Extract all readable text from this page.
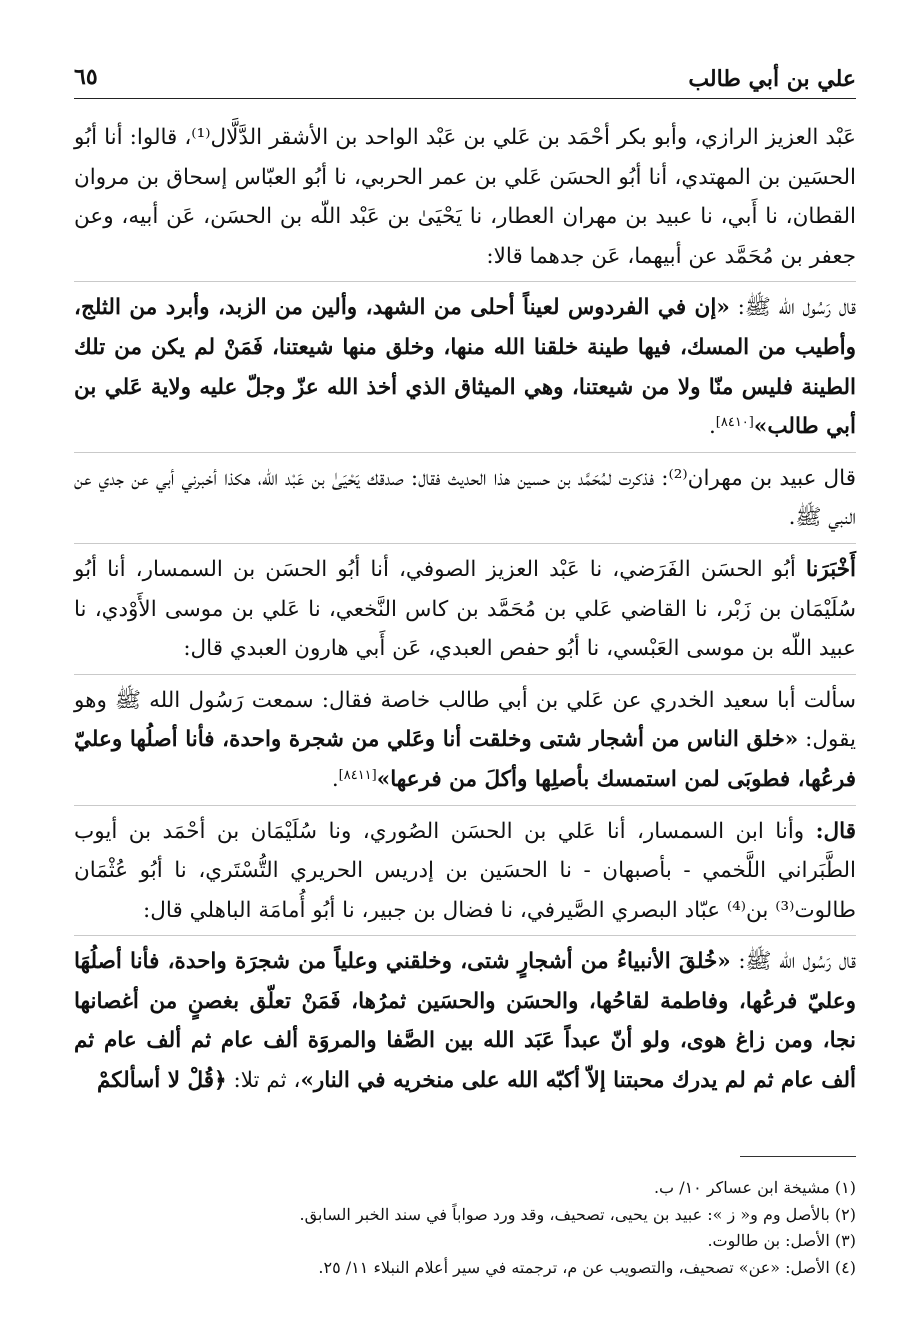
علي بن أبي طالب
٦٥

عَبْد العزيز الرازي، وأبو بكر أحْمَد بن عَلي بن عَبْد الواحد بن الأشقر الدَّلَّال⁽¹⁾، قالوا: أنا أبُو الحسَين بن المهتدي، أنا أبُو الحسَن عَلي بن عمر الحربي، نا أبُو العبّاس إسحاق بن مروان القطان، نا أَبي، نا عبيد بن مهران العطار، نا يَحْيَىٰ بن عَبْد اللّه بن الحسَن، عَن أبيه، وعن جعفر بن مُحَمَّد عن أبيهما، عَن جدهما قالا:

قال رَسُول الله ﷺ: «إن في الفردوس لعيناً أحلى من الشهد، وألين من الزبد، وأبرد من الثلج، وأطيب من المسك، فيها طينة خلقنا الله منها، وخلق منها شيعتنا، فَمَنْ لم يكن من تلك الطينة فليس منّا ولا من شيعتنا، وهي الميثاق الذي أخذ الله عزّ وجلّ عليه ولاية عَلي بن أبي طالب»[٨٤١٠].

قال عبيد بن مهران⁽²⁾: فذكرت لمُحَمَّد بن حسين هذا الحديث فقال: صدقك يَحْيَىٰ بن عَبْد الله، هكذا أخبرني أبي عن جدي عن النبي ﷺ.

أَخْبَرَنا أبُو الحسَن الفَرَضي، نا عَبْد العزيز الصوفي، أنا أبُو الحسَن بن السمسار، أنا أبُو سُلَيْمَان بن زَبْر، نا القاضي عَلي بن مُحَمَّد بن كاس النَّخعي، نا عَلي بن موسى الأَوْدي، نا عبيد اللّه بن موسى العَبْسي، نا أبُو حفص العبدي، عَن أَبي هارون العبدي قال:

سألت أبا سعيد الخدري عن عَلي بن أبي طالب خاصة فقال: سمعت رَسُول الله ﷺ وهو يقول: «خلق الناس من أشجار شتى وخلقت أنا وعَلي من شجرة واحدة، فأنا أصلُها وعليّ فرعُها، فطوبَى لمن استمسك بأصلِها وأكلَ من فرعها»[٨٤١١].

قال: وأنا ابن السمسار، أنا عَلي بن الحسَن الصُوري، ونا سُلَيْمَان بن أحْمَد بن أيوب الطَّبَراني اللَّخمي - بأصبهان - نا الحسَين بن إدريس الحريري التُّسْتَري، نا أبُو عُثْمَان طالوت⁽³⁾ بن⁽⁴⁾ عبّاد البصري الصَّيرفي، نا فضال بن جبير، نا أبُو أُمامَة الباهلي قال:

قال رَسُول الله ﷺ: «خُلقَ الأنبياءُ من أشجارٍ شتى، وخلقني وعلياً من شجرَة واحدة، فأنا أصلُهَا وعليّ فرعُها، وفاطمة لقاحُها، والحسَن والحسَين ثمرُها، فَمَنْ تعلّق بغصنٍ من أغصانها نجا، ومن زاغ هوى، ولو أنّ عبداً عَبَد الله بين الصَّفا والمروَة ألف عام ثم ألف عام ثم ألف عام ثم لم يدرك محبتنا إلاّ أكبّه الله على منخريه في النار»، ثم تلا: ﴿قُلْ لا أسألكمْ

(١) مشيخة ابن عساكر ١٠/ ب.

(٢) بالأصل وم و« ز »: عبيد بن يحيى، تصحيف، وقد ورد صواباً في سند الخبر السابق.

(٣) الأصل: بن طالوت.

(٤) الأصل: «عن» تصحيف، والتصويب عن م، ترجمته في سير أعلام النبلاء ١١/ ٢٥.
